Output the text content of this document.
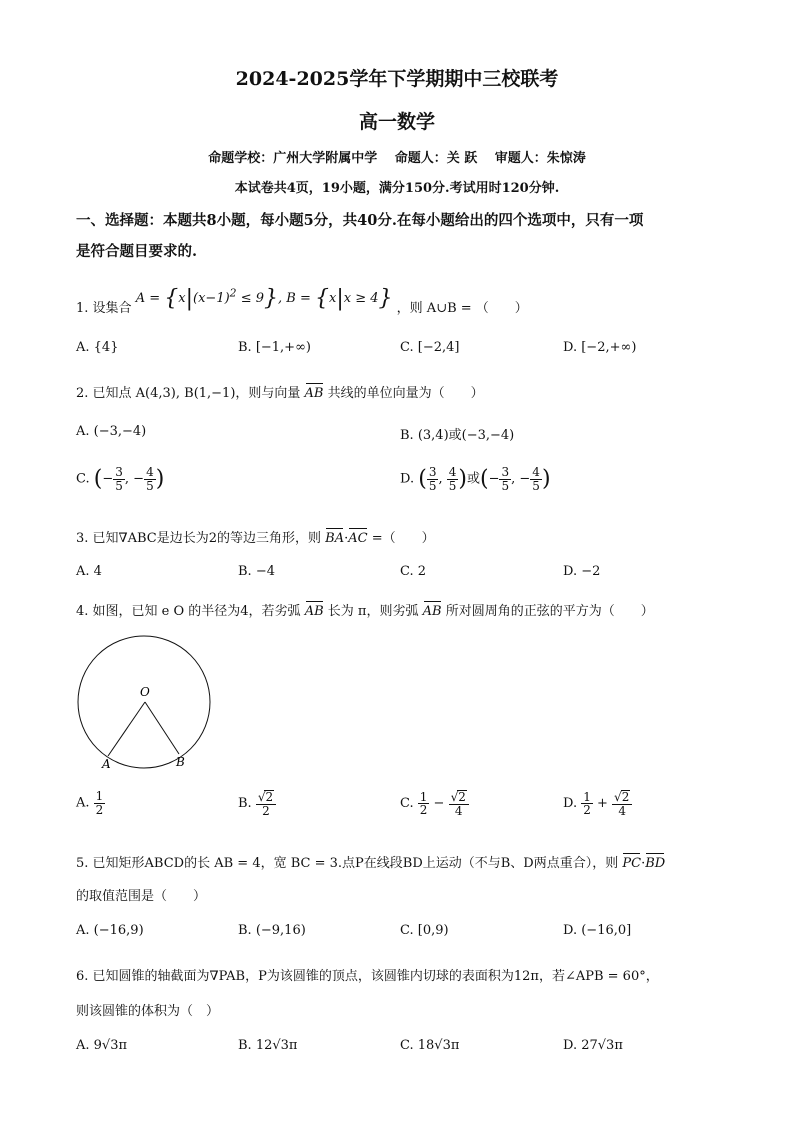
2024-2025学年下学期期中三校联考
高一数学
命题学校：广州大学附属中学　 命题人：关 跃　 审题人：朱惊涛
本试卷共4页，19小题，满分150分.考试用时120分钟.
一、选择题：本题共8小题，每小题5分，共40分.在每小题给出的四个选项中，只有一项
是符合题目要求的.
1. 设集合 $A = \{x|(x-1)^2 \le 9\}$, B = {x|x ≥ 4} ，则 A∪B = （　　）
A. {4}	B. [−1,+∞)	C. [−2,4]	D. [−2,+∞)
2. 已知点 A(4,3), B(1,−1)，则与向量 AB 共线的单位向量为（　　）
A. (−3,−4)	B. (3,4)或(−3,−4)
C. (− $\frac{3}{5}$ , − $\frac{4}{5}$ )	D. ( $\frac{3}{5}$ , $\frac{4}{5}$ )或(− $\frac{3}{5}$ , − $\frac{4}{5}$ )
3. 已知∇ABC是边长为2的等边三角形，则 BA·AC =（　　）
A. 4	B. −4	C. 2	D. −2
4. 如图，已知 e O 的半径为4，若劣弧 AB 长为 π，则劣弧 AB 所对圆周角的正弦的平方为（　　）
O
A	B
A. $\frac{1}{2}$	B. $\frac{√2}{2}$	C. $\frac{1}{2} - \frac{√2}{4}$	D. $\frac{1}{2} + \frac{√2}{4}$
5. 已知矩形ABCD的长 AB = 4，宽 BC = 3.点P在线段BD上运动（不与B、D两点重合），则 PC·BD
的取值范围是（　　）
A. (−16,9)	B. (−9,16)	C. [0,9)	D. (−16,0]
6. 已知圆锥的轴截面为∇PAB，P为该圆锥的顶点，该圆锥内切球的表面积为12π，若∠APB = 60°，
则该圆锥的体积为（　）
A. 9√3π	B. 12√3π	C. 18√3π	D. 27√3π
